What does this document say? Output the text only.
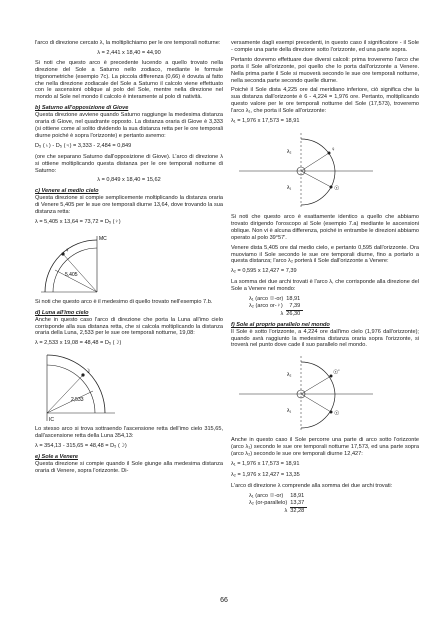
l'arco di direzione cercato λ, la moltiplichiamo per le ore temporali notturne:

λ = 2,441 x 18,40 = 44,90

Si noti che questo arco è precedente lucendo a quello trovato nella direzione del Sole a Saturno nello zodiaco, mediante le formule trigonometriche (esempio 7c). La piccola differenza (0,66) è dovuta al fatto che nella direzione zodiacale del Sole a Saturno il calcolo viene effettuato con le ascensioni oblique al polo del Sole, mentre nella direzione nel mondo al Sole nel mondo il calcolo è interamente al polo di natività.

b) Saturno all'opposizione di Giove

Questa direzione avviene quando Saturno raggiunge la medesima distanza oraria di Giove, nel quadrante opposto. La distanza oraria di Giove è 3,333 (si ottiene come al solito dividendo la sua distanza retta per le ore temporali diurne poiché è sopra l'orizzonte) e pertanto avremo:

D₅ (♄) - D₅ (♃) = 3,333 - 2,484 = 0,849

(ore che separano Saturno dall'opposizione di Giove). L'arco di direzione λ si ottiene moltiplicando questa distanza per le ore temporali notturne di Saturno:

λ = 0,849 x 18,40 = 15,62

c) Venere al medio cielo

Questa direzione si compie semplicemente moltiplicando la distanza oraria di Venere 5,405 per le sue ore temporali diurne 13,64, dove trovando la sua distanza retta:

λ = 5,405 x 13,64 = 73,72 = D₅ (♀)

♀
5,405
MC

Si noti che questo arco è il medesimo di quello trovato nell'esempio 7.b.

d) Luna all'imo cielo

Anche in questo caso l'arco di direzione che porta la Luna all'imo cielo corrisponde alla sua distanza retta, che si calcola moltiplicando la distanza oraria della Luna, 2,533 per le sue ore temporali notturne, 19,08:

λ = 2,533 x 19,08 = 48,48 = D₅ (☽)

☽
2,533
IC

Lo stesso arco si trova sottraendo l'ascensione retta dell'imo cielo 315,65, dall'ascensione retta della Luna 354,13:

λ = 354,13 - 315,65 = 48,48 = D₅ (☽)

e) Sole a Venere

Questa direzione si compie quando il Sole giunge alla medesima distanza oraria di Venere, sopra l'orizzonte. Di-

versamente dagli esempi precedenti, in questo caso il significatore - il Sole - compie una parte della direzione sotto l'orizzonte, ed una parte sopra.

Pertanto dovremo effettuare due diversi calcoli: prima troveremo l'arco che porta il Sole all'orizzonte, poi quello che lo porta dall'orizzonte a Venere. Nella prima parte il Sole si muoverà secondo le sue ore temporali notturne, nella seconda parte secondo quelle diurne.

Poiché il Sole dista 4,225 ore dal meridiano inferiore, ciò significa che la sua distanza dall'orizzonte è 6 - 4,224 = 1,976 ore. Pertanto, moltiplicando questo valore per le ore temporali notturne del Sole (17,573), troveremo l'arco λ₁, che porta il Sole all'orizzonte:

λ₁ = 1,976 x 17,573 = 18,91

λ₂
λ₁	☉
♀

Si noti che questo arco è esattamente identico a quello che abbiamo trovato dirigendo l'oroscopo al Sole (esempio 7.a) mediante le ascensioni oblique. Non vi è alcuna differenza, poiché in entrambe le direzioni abbiamo operato al polo 39°57'.

Venere dista 5,405 ore dal medio cielo, e pertanto 0,595 dall'orizzonte. Ora muoviamo il Sole secondo le sue ore temporali diurne, fino a portarlo a questa distanza; l'arco λ₂ porterà il Sole dall'orizzonte a Venere:

λ₂ = 0,595 x 12,427 = 7,39

La somma dei due archi trovati è l'arco λ, che corrisponde alla direzione del Sole a Venere nel mondo:

λ₁ (arco ☉-or)	18,91
λ₂ (arco or-♀)	7,39
λ	26,30

f) Sole al proprio parallelo nel mondo

Il Sole è sotto l'orizzonte, a 4,224 ore dall'imo cielo (1,976 dall'orizzonte); quando avrà raggiunto la medesima distanza oraria sopra l'orizzonte, si troverà nel punto dove cade il suo parallelo nel mondo.

λ₂
λ₁	☉
☉'

Anche in questo caso il Sole percorre una parte di arco sotto l'orizzonte (arco λ₁) secondo le sue ore temporali notturne 17,573, ed una parte sopra (arco λ₂) secondo le sue ore temporali diurne 12,427:

λ₁ = 1,976 x 17,573 = 18,91

λ₂ = 1,976 x 12,427 = 13,35

L'arco di direzione λ comprende alla somma dei due archi trovati:

λ₁ (arco ☉-or)	18,91
λ₂ (or-parallelo)	13,37
λ	32,28
66
